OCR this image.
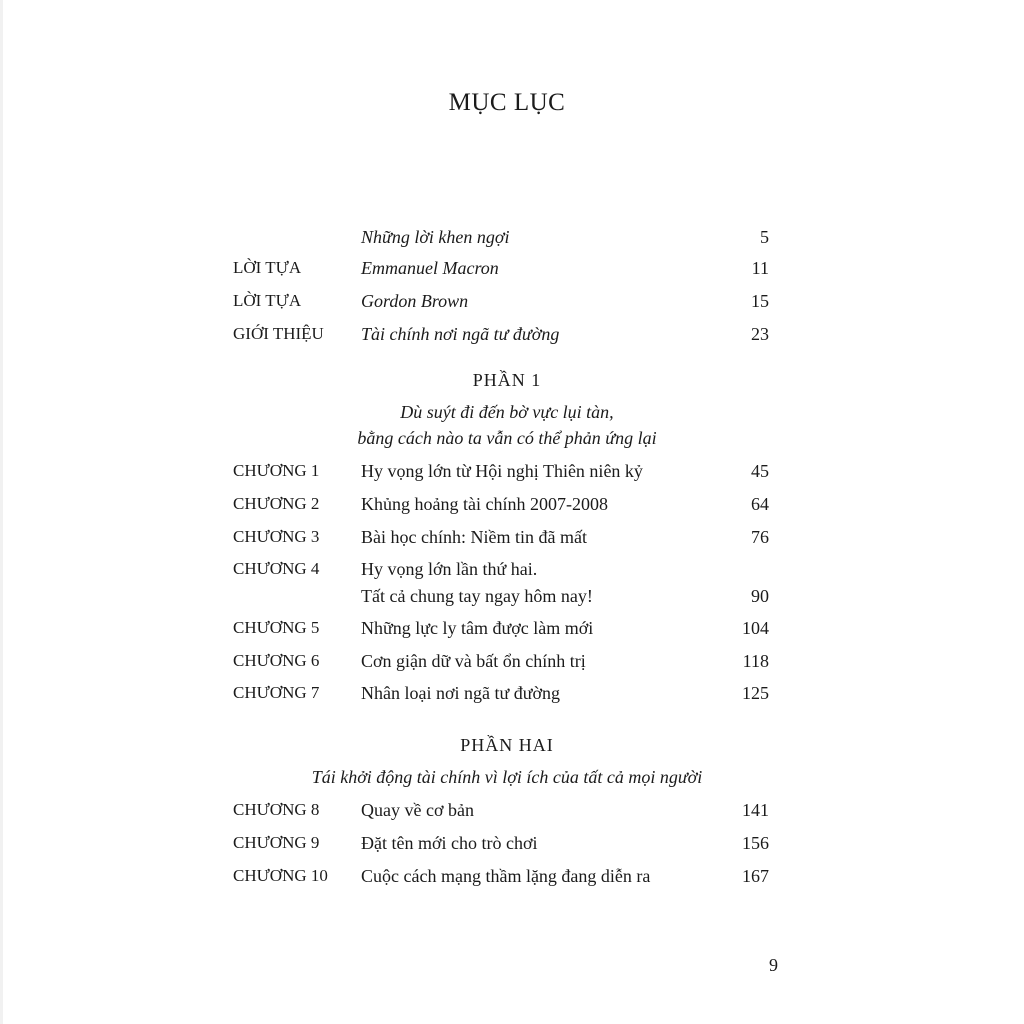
MỤC LỤC
Những lời khen ngợi	5
LỜI TỰA	Emmanuel Macron	11
LỜI TỰA	Gordon Brown	15
GIỚI THIỆU Tài chính nơi ngã tư đường	23
PHẦN 1
Dù suýt đi đến bờ vực lụi tàn,
bằng cách nào ta vẫn có thể phản ứng lại
CHƯƠNG 1 Hy vọng lớn từ Hội nghị Thiên niên kỷ	45
CHƯƠNG 2 Khủng hoảng tài chính 2007-2008	64
CHƯƠNG 3 Bài học chính: Niềm tin đã mất	76
CHƯƠNG 4 Hy vọng lớn lần thứ hai.
Tất cả chung tay ngay hôm nay!	90
CHƯƠNG 5 Những lực ly tâm được làm mới	104
CHƯƠNG 6 Cơn giận dữ và bất ổn chính trị	118
CHƯƠNG 7 Nhân loại nơi ngã tư đường	125
PHẦN HAI
Tái khởi động tài chính vì lợi ích của tất cả mọi người
CHƯƠNG 8 Quay về cơ bản	141
CHƯƠNG 9 Đặt tên mới cho trò chơi	156
CHƯƠNG 10 Cuộc cách mạng thầm lặng đang diễn ra	167
9
